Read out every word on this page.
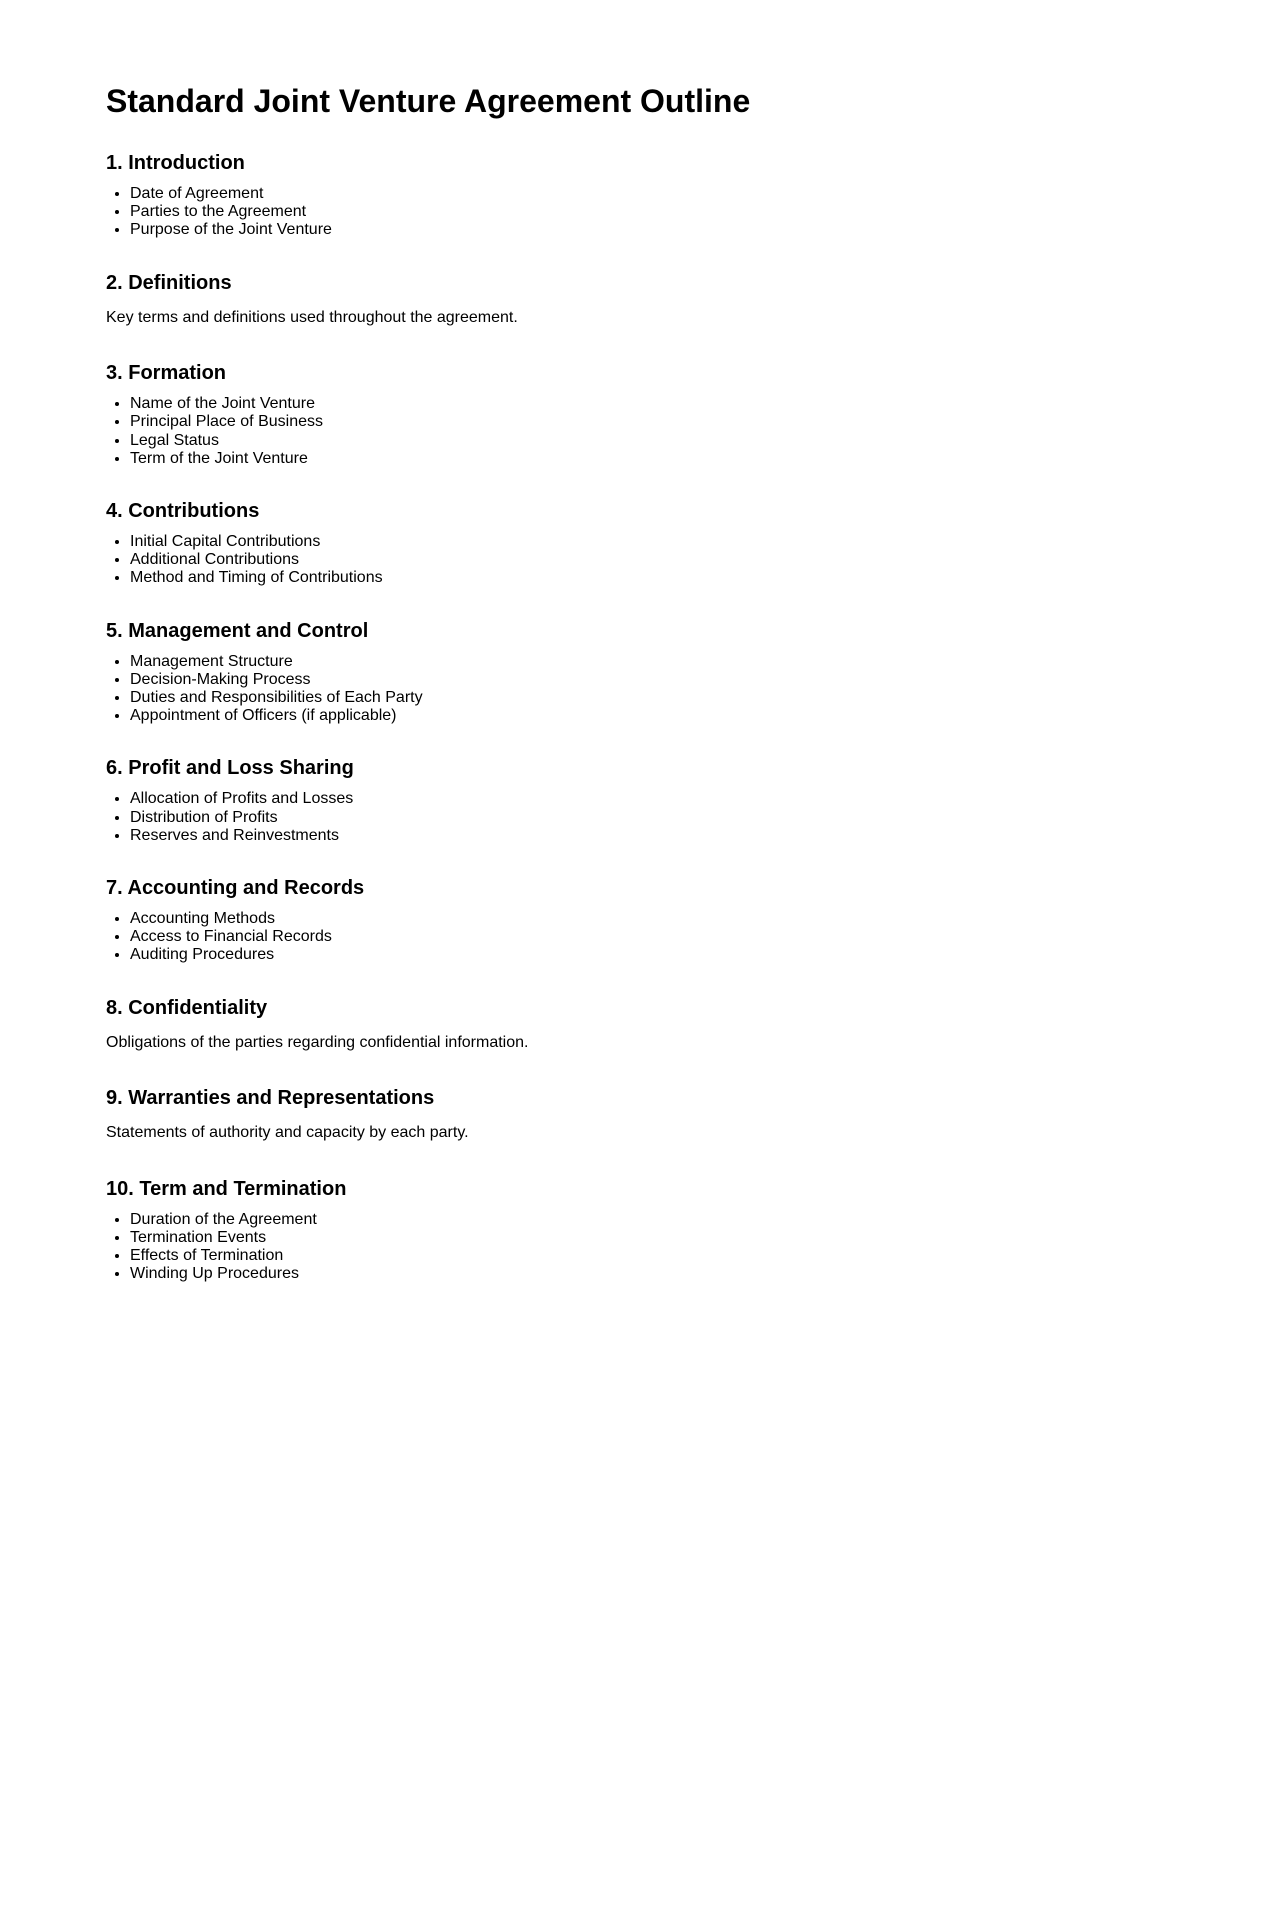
Standard Joint Venture Agreement Outline
1. Introduction
• Date of Agreement
• Parties to the Agreement
• Purpose of the Joint Venture
2. Definitions

Key terms and definitions used throughout the agreement.

3. Formation
• Name of the Joint Venture
• Principal Place of Business
• Legal Status
• Term of the Joint Venture
4. Contributions
• Initial Capital Contributions
• Additional Contributions
• Method and Timing of Contributions
5. Management and Control
• Management Structure
• Decision-Making Process
• Duties and Responsibilities of Each Party
• Appointment of Officers (if applicable)
6. Profit and Loss Sharing
• Allocation of Profits and Losses
• Distribution of Profits
• Reserves and Reinvestments
7. Accounting and Records
• Accounting Methods
• Access to Financial Records
• Auditing Procedures
8. Confidentiality

Obligations of the parties regarding confidential information.

9. Warranties and Representations

Statements of authority and capacity by each party.

10. Term and Termination
• Duration of the Agreement
• Termination Events
• Effects of Termination
• Winding Up Procedures
